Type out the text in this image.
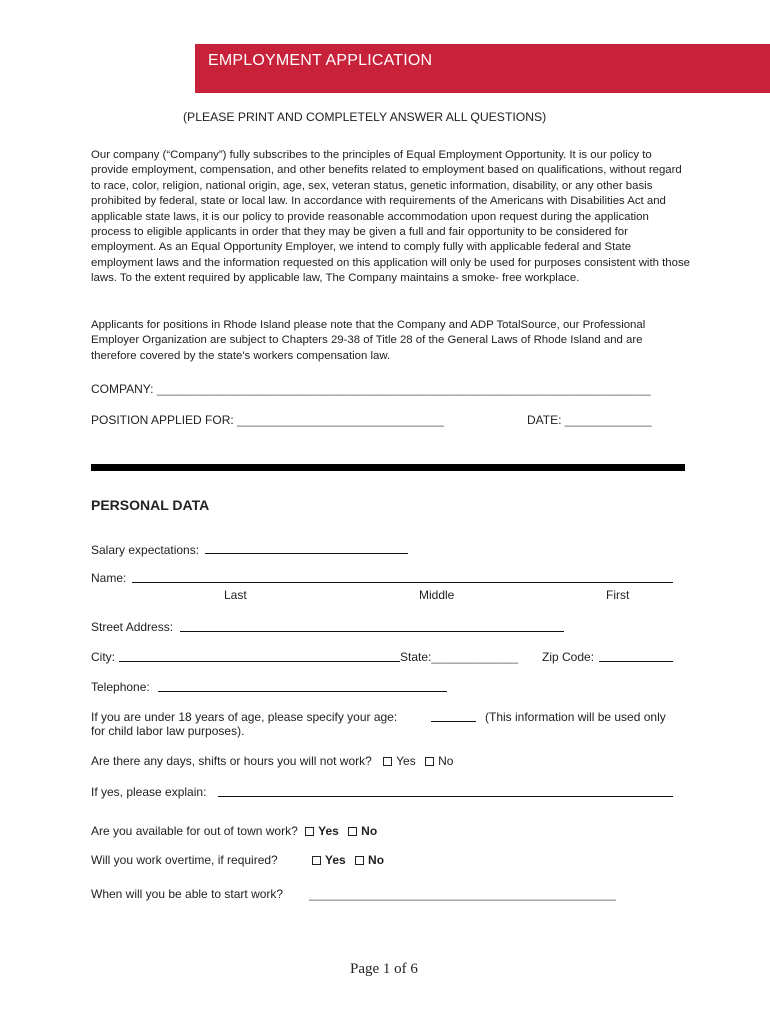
EMPLOYMENT APPLICATION
(PLEASE PRINT AND COMPLETELY ANSWER ALL QUESTIONS)

Our company (“Company”) fully subscribes to the principles of Equal Employment Opportunity. It is our policy to provide employment, compensation, and other benefits related to employment based on qualifications, without regard to race, color, religion, national origin, age, sex, veteran status, genetic information, disability, or any other basis prohibited by federal, state or local law. In accordance with requirements of the Americans with Disabilities Act and applicable state laws, it is our policy to provide reasonable accommodation upon request during the application process to eligible applicants in order that they may be given a full and fair opportunity to be considered for employment. As an Equal Opportunity Employer, we intend to comply fully with applicable federal and State employment laws and the information requested on this application will only be used for purposes consistent with those laws. To the extent required by applicable law, The Company maintains a smoke- free workplace.

Applicants for positions in Rhode Island please note that the Company and ADP TotalSource, our Professional Employer Organization are subject to Chapters 29-38 of Title 28 of the General Laws of Rhode Island and are therefore covered by the state's workers compensation law.

COMPANY: __________________________________________________________________________
POSITION APPLIED FOR: _______________________________	DATE: _____________
PERSONAL DATA
Salary expectations:
Name:
Last	Middle	First
Street Address:
City:	State:_____________ Zip Code:
Telephone:
If you are under 18 years of age, please specify your age:	(This information will be used only
for child labor law purposes).
Are there any days, shifts or hours you will not work? Yes No
If yes, please explain:
Are you available for out of town work? Yes No
Will you work overtime, if required?	Yes No
When will you be able to start work? ______________________________________________
Page 1 of 6
